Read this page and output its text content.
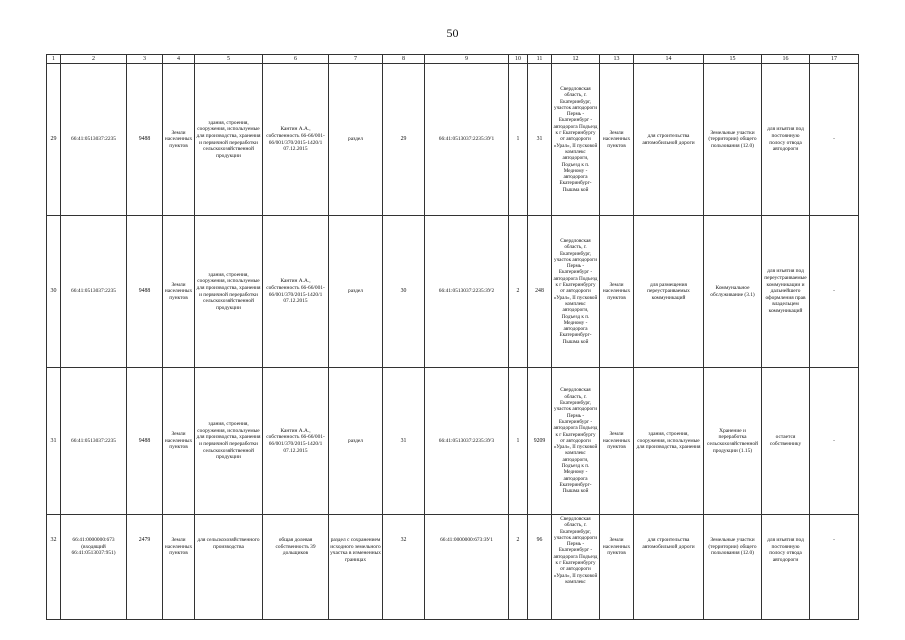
50
1	2	3	4	5	6	7	8	9	10	11	12	13	14	15	16	17
29	66:41:0513037:2235	9488	Земли населенных пунктов	здания, строения, сооружения, используемые для производства, хранения и первичной переработки сельскохозяйственной продукции	Кантин А.А., собственность 66-66/001-66/001/370/2015-1420/1 07.12.2015	раздел	29	66:41:0513037:2235:ЗУ1	1	31	Свердловская область, г. Екатеринбург, участок автодороги Пермь - Екатеринбург - автодорога Подъезд к г Екатеринбургу от автодороги «Урал», II пусковой комплекс автодороги, Подъезд к п. Медному - автодорога Екатеринбург-Пышма кой	Земли населенных пунктов	для строительства автомобильной дороги	Земельные участки (территории) общего пользования (12.0)	для изъятия под постоянную полосу отвода автодороги	-
30	66:41:0513037:2235	9488	Земли населенных пунктов	здания, строения, сооружения, используемые для производства, хранения и первичной переработки сельскохозяйственной продукции	Кантин А.А., собственность 66-66/001-66/001/370/2015-1420/1 07.12.2015	раздел	30	66:41:0513037:2235:ЗУ2	2	248	Свердловская область, г. Екатеринбург, участок автодороги Пермь - Екатеринбург - автодорога Подъезд к г Екатеринбургу от автодороги «Урал», II пусковой комплекс автодороги, Подъезд к п. Медному - автодорога Екатеринбург-Пышма кой	Земли населенных пунктов	для размещения переустраиваемых коммуникаций	Коммунальное обслуживание (3.1)	для изъятия под переустраиваемые коммуникации и дальнейшего оформления прав владельцем коммуникаций	-
31	66:41:0513037:2235	9488	Земли населенных пунктов	здания, строения, сооружения, используемые для производства, хранения и первичной переработки сельскохозяйственной продукции	Кантин А.А., собственность 66-66/001-66/001/370/2015-1420/1 07.12.2015	раздел	31	66:41:0513037:2235:ЗУ3	1	9209	Свердловская область, г. Екатеринбург, участок автодороги Пермь - Екатеринбург - автодорога Подъезд к г Екатеринбургу от автодороги «Урал», II пусковой комплекс автодороги, Подъезд к п. Медному - автодорога Екатеринбург-Пышма кой	Земли населенных пунктов	здания, строения, сооружения, используемые для производства, хранения	Хранение и переработка сельскохозяйственной продукции (1.15)	остается собственнику	-

32	66:41:0000000:673 (входящий 66:41:0513037:951)	2479	Земли населенных пунктов	для сельскохозяйственного производства	общая долевая собственность 39 дольщиков	раздел с сохранением исходного земельного участка в измененных границах	32	66:41:0000000:673:ЗУ1	2	96	Свердловская область, г. Екатеринбург, участок автодороги Пермь - Екатеринбург - автодорога Подъезд к г Екатеринбургу от автодороги «Урал», II пусковой комплекс	Земли населенных пунктов	для строительства автомобильной дороги	Земельные участки (территории) общего пользования (12.0)	для изъятия под постоянную полосу отвода автодороги	-
